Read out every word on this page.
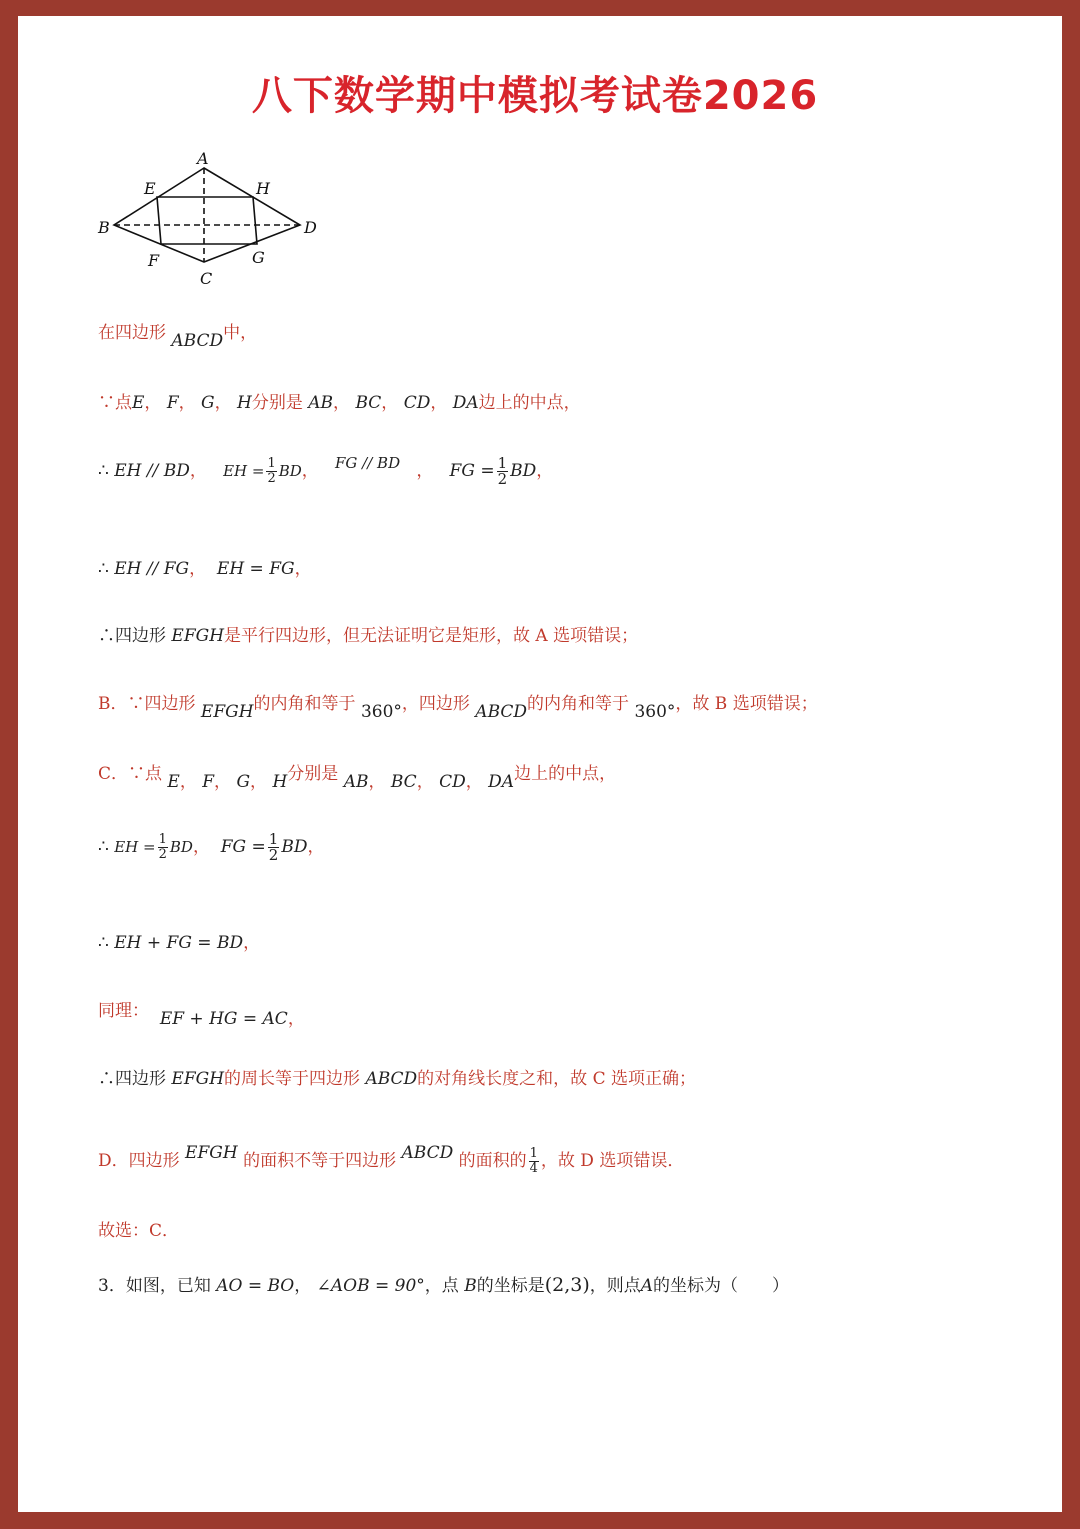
八下数学期中模拟考试卷2026
A
E	H
B	D
F	G
C
在四边形 ABCD中，
∵点E， F， G， H分别是 AB， BC， CD， DA边上的中点，
∴ EH // BD， EH = $\frac{1}{2}$ BD， FG // BD ， FG = $\frac{1}{2}$ BD，
∴ EH // FG， EH = FG，
∴四边形 EFGH是平行四边形，但无法证明它是矩形，故 A 选项错误；
B．∵四边形 EFGH的内角和等于 360°，四边形 ABCD的内角和等于 360°，故 B 选项错误；
C．∵点 E， F， G， H分别是 AB， BC， CD， DA边上的中点，
∴ EH = $\frac{1}{2}$ BD， FG = $\frac{1}{2}$ BD，
∴ EH + FG = BD，
同理： EF + HG = AC，
∴四边形 EFGH的周长等于四边形 ABCD的对角线长度之和，故 C 选项正确；
D．四边形 EFGH 的面积不等于四边形 ABCD 的面积的 $\frac{1}{4}$ ，故 D 选项错误．
故选：C．
3．如图，已知 AO = BO， ∠AOB = 90°，点 B的坐标是(2,3)，则点A的坐标为（　　）
